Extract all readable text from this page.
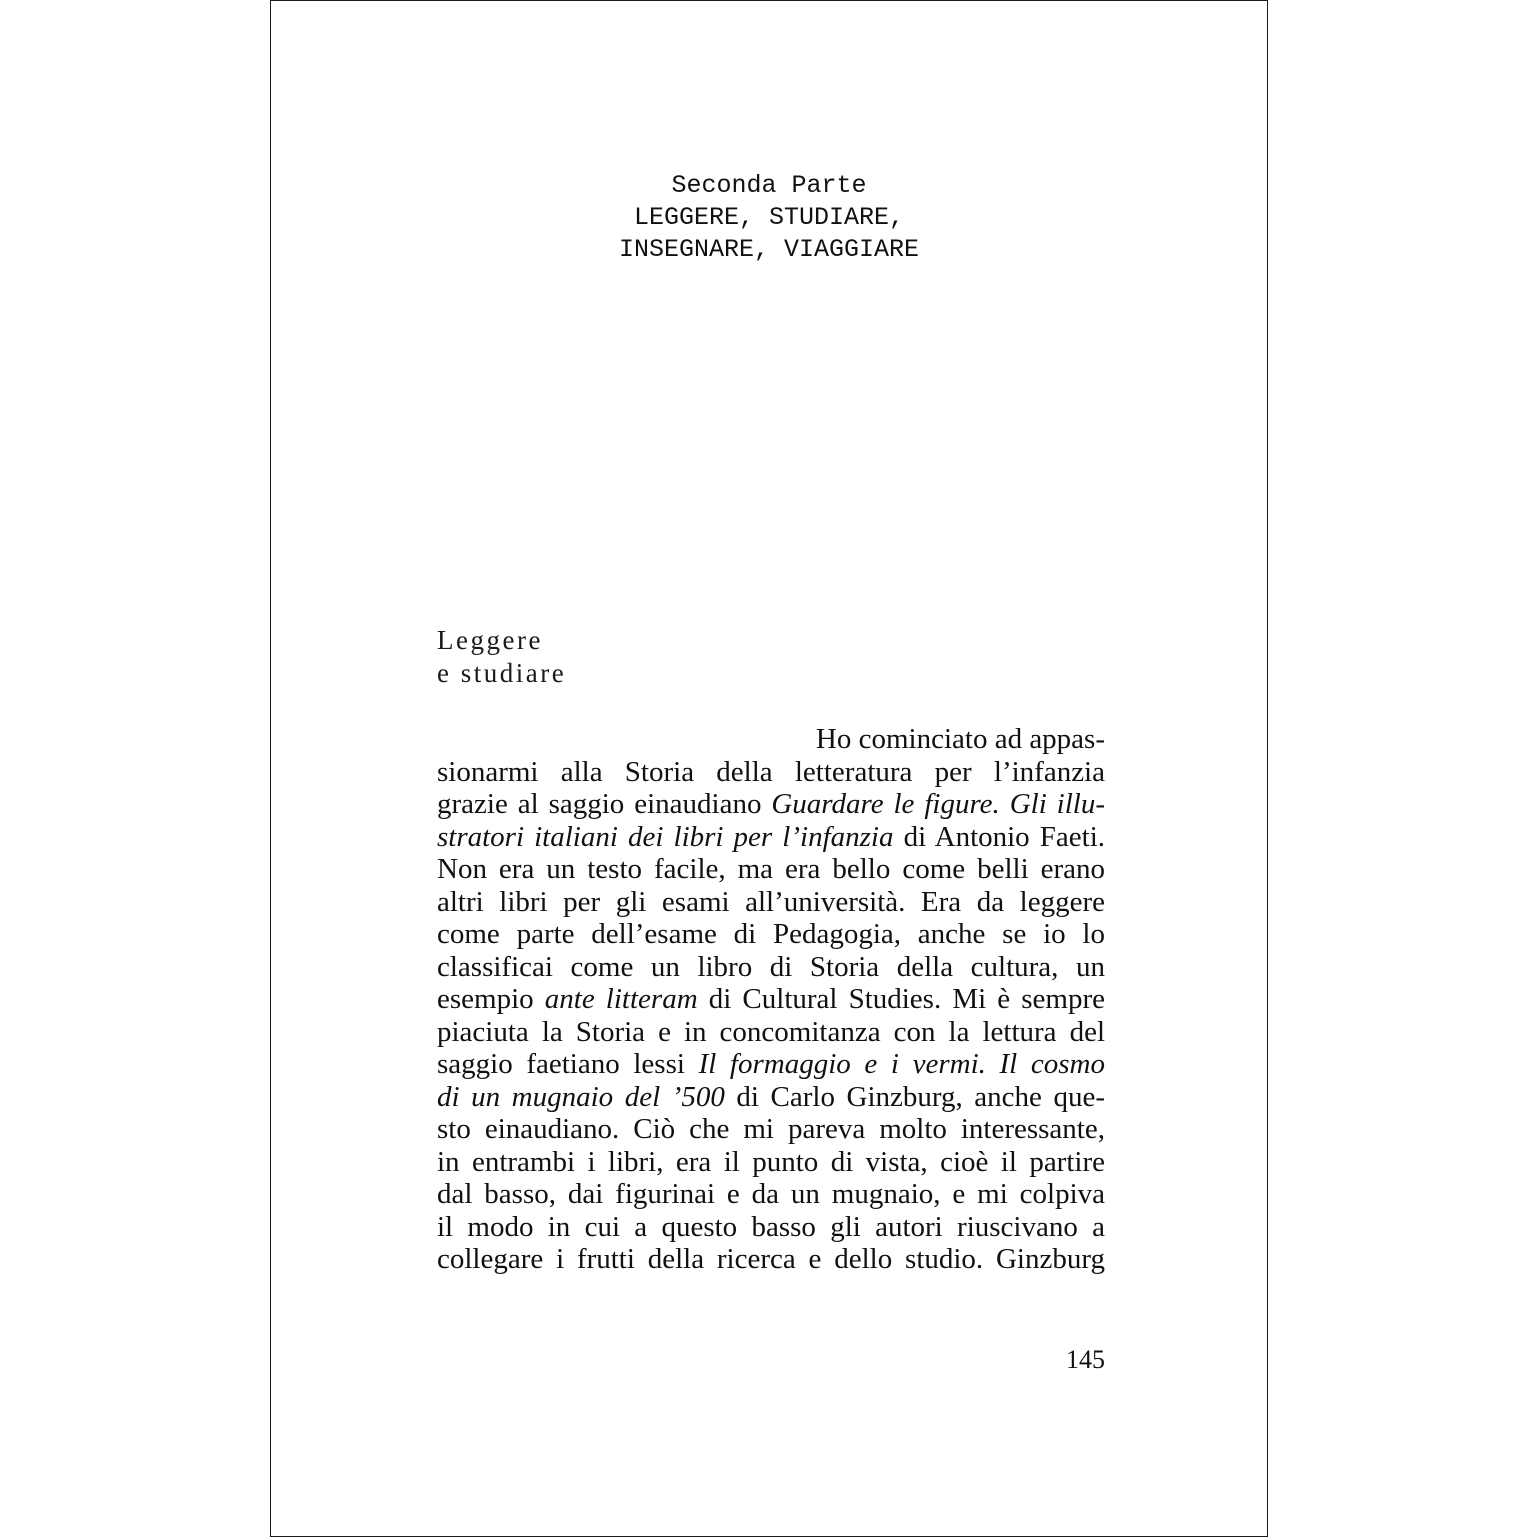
Seconda Parte
LEGGERE, STUDIARE,
INSEGNARE, VIAGGIARE
Leggere
e studiare
Ho cominciato ad appas-
sionarmi alla Storia della letteratura per l’infanzia
grazie al saggio einaudiano Guardare le figure. Gli illu-
stratori italiani dei libri per l’infanzia di Antonio Faeti.
Non era un testo facile, ma era bello come belli erano
altri libri per gli esami all’università. Era da leggere
come parte dell’esame di Pedagogia, anche se io lo
classificai come un libro di Storia della cultura, un
esempio ante litteram di Cultural Studies. Mi è sempre
piaciuta la Storia e in concomitanza con la lettura del
saggio faetiano lessi Il formaggio e i vermi. Il cosmo
di un mugnaio del ’500 di Carlo Ginzburg, anche que-
sto einaudiano. Ciò che mi pareva molto interessante,
in entrambi i libri, era il punto di vista, cioè il partire
dal basso, dai figurinai e da un mugnaio, e mi colpiva
il modo in cui a questo basso gli autori riuscivano a
collegare i frutti della ricerca e dello studio. Ginzburg
145
